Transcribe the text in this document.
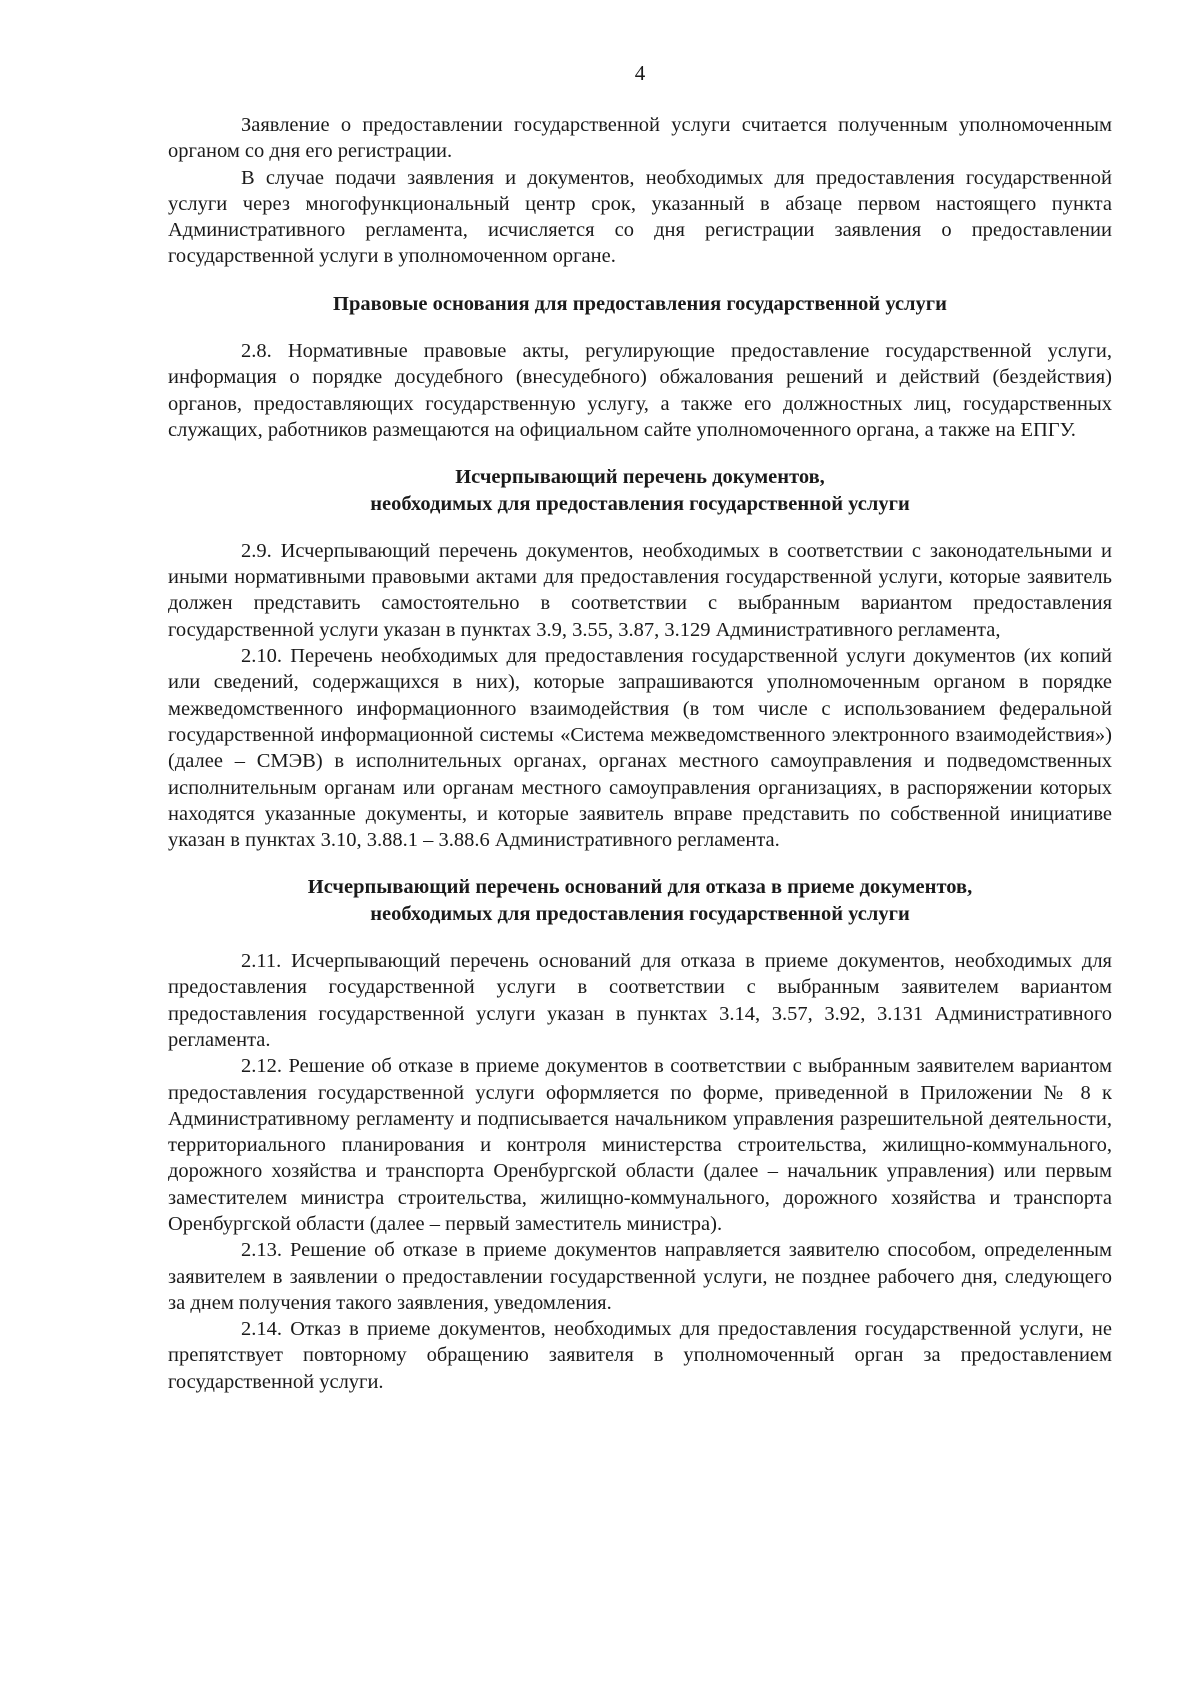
4

Заявление о предоставлении государственной услуги считается полученным уполномоченным органом со дня его регистрации.

В случае подачи заявления и документов, необходимых для предоставления государственной услуги через многофункциональный центр срок, указанный в абзаце первом настоящего пункта Административного регламента, исчисляется со дня регистрации заявления о предоставлении государственной услуги в уполномоченном органе.

Правовые основания для предоставления государственной услуги

2.8. Нормативные правовые акты, регулирующие предоставление государственной услуги, информация о порядке досудебного (внесудебного) обжалования решений и действий (бездействия) органов, предоставляющих государственную услугу, а также его должностных лиц, государственных служащих, работников размещаются на официальном сайте уполномоченного органа, а также на ЕПГУ.

Исчерпывающий перечень документов,
необходимых для предоставления государственной услуги

2.9. Исчерпывающий перечень документов, необходимых в соответствии с законодательными и иными нормативными правовыми актами для предоставления государственной услуги, которые заявитель должен представить самостоятельно в соответствии с выбранным вариантом предоставления государственной услуги указан в пунктах 3.9, 3.55, 3.87, 3.129 Административного регламента,

2.10. Перечень необходимых для предоставления государственной услуги документов (их копий или сведений, содержащихся в них), которые запрашиваются уполномоченным органом в порядке межведомственного информационного взаимодействия (в том числе с использованием федеральной государственной информационной системы «Система межведомственного электронного взаимодействия») (далее – СМЭВ) в исполнительных органах, органах местного самоуправления и подведомственных исполнительным органам или органам местного самоуправления организациях, в распоряжении которых находятся указанные документы, и которые заявитель вправе представить по собственной инициативе указан в пунктах 3.10, 3.88.1 – 3.88.6 Административного регламента.

Исчерпывающий перечень оснований для отказа в приеме документов,
необходимых для предоставления государственной услуги

2.11. Исчерпывающий перечень оснований для отказа в приеме документов, необходимых для предоставления государственной услуги в соответствии с выбранным заявителем вариантом предоставления государственной услуги указан в пунктах 3.14, 3.57, 3.92, 3.131 Административного регламента.

2.12. Решение об отказе в приеме документов в соответствии с выбранным заявителем вариантом предоставления государственной услуги оформляется по форме, приведенной в Приложении № 8 к Административному регламенту и подписывается начальником управления разрешительной деятельности, территориального планирования и контроля министерства строительства, жилищно-коммунального, дорожного хозяйства и транспорта Оренбургской области (далее – начальник управления) или первым заместителем министра строительства, жилищно-коммунального, дорожного хозяйства и транспорта Оренбургской области (далее – первый заместитель министра).

2.13. Решение об отказе в приеме документов направляется заявителю способом, определенным заявителем в заявлении о предоставлении государственной услуги, не позднее рабочего дня, следующего за днем получения такого заявления, уведомления.

2.14. Отказ в приеме документов, необходимых для предоставления государственной услуги, не препятствует повторному обращению заявителя в уполномоченный орган за предоставлением государственной услуги.
